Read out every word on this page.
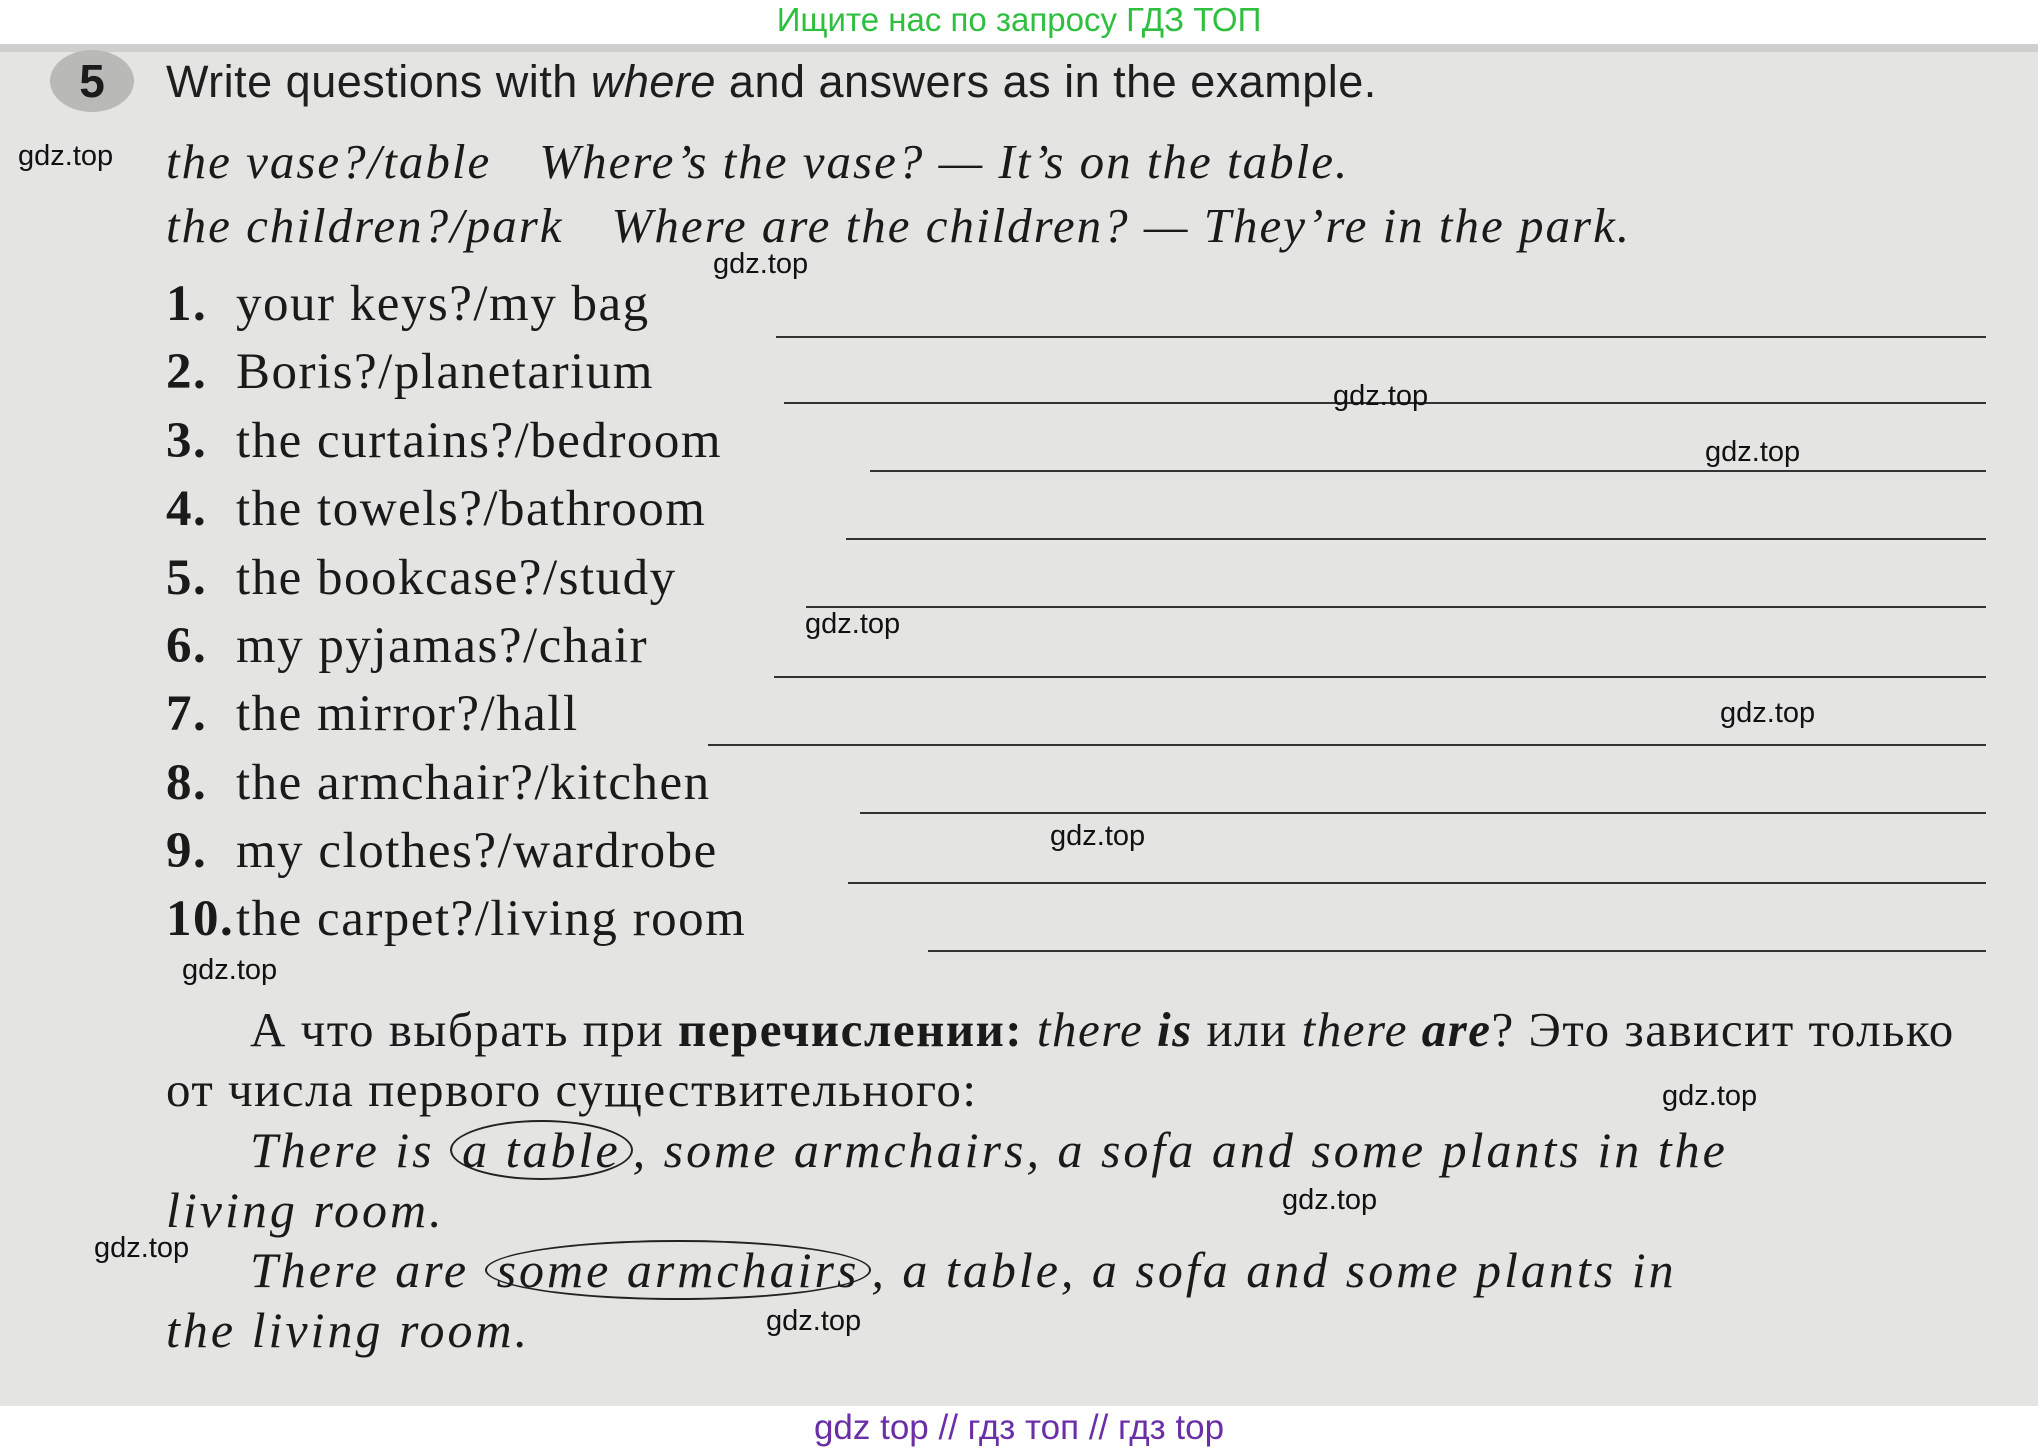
Ищите нас по запросу ГДЗ ТОП
5	Write questions with where and answers as in the example.
the vase?/table Where’s the vase? — It’s on the table.
the children?/park Where are the children? — They’re in the park.
1. your keys?/my bag
2. Boris?/planetarium
3. the curtains?/bedroom
4. the towels?/bathroom
5. the bookcase?/study
6. my pyjamas?/chair
7. the mirror?/hall
8. the armchair?/kitchen
9. my clothes?/wardrobe
10.the carpet?/living room
А что выбрать при перечислении: there is или there are? Это зависит только от числа первого существительного:
There is a table , some armchairs, a sofa and some plants in the
living room.
There are some armchairs , a table, a sofa and some plants in
the living room.
gdz.top
gdz.top
gdz.top
gdz.top
gdz.top
gdz.top
gdz.top
gdz.top
gdz.top
gdz.top
gdz.top
gdz.top
gdz top // гдз топ // гдз top
